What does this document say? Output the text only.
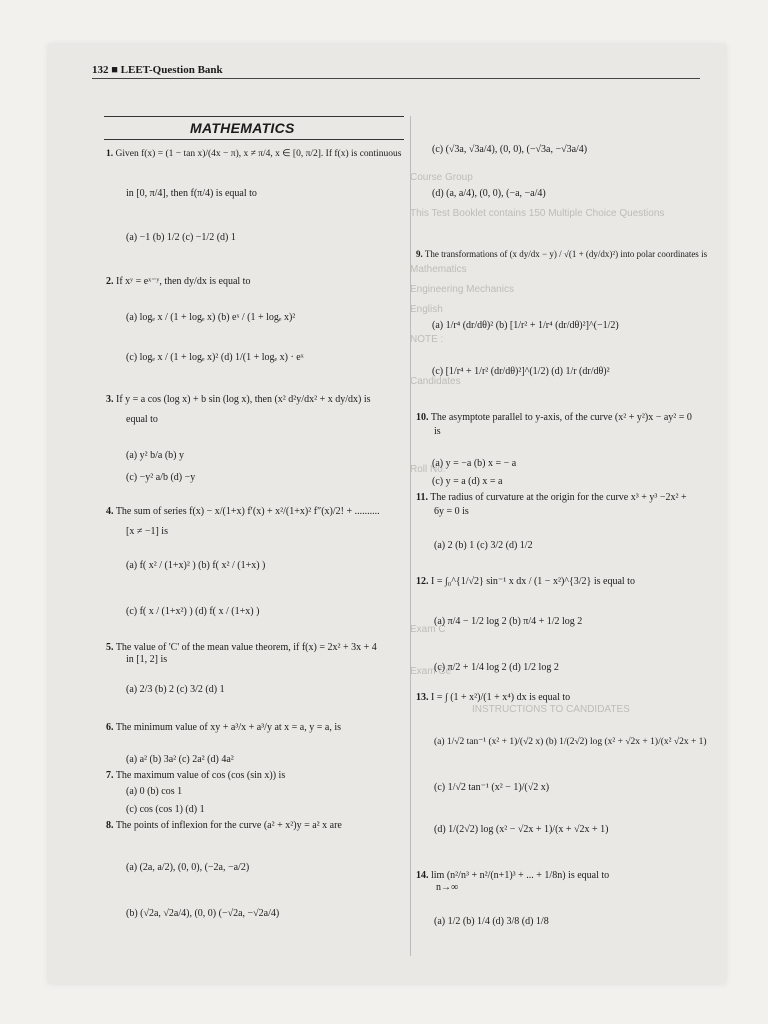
132 ■ LEET-Question Bank
MATHEMATICS
Course Group
This Test Booklet contains 150 Multiple Choice Questions
Mathematics
Engineering Mechanics
English
NOTE :
Candidates
Roll No.
Exam C
Exam Ce
INSTRUCTIONS TO CANDIDATES
1. Given f(x) = (1 − tan x)/(4x − π), x ≠ π/4, x ∈ [0, π/2]. If f(x) is continuous
in [0, π/4], then f(π/4) is equal to
(a) −1 (b) 1/2 (c) −1/2 (d) 1
2. If xʸ = eˣ⁻ʸ, then dy/dx is equal to
(a) logₑ x / (1 + logₑ x) (b) eˣ / (1 + logₑ x)²
(c) logₑ x / (1 + logₑ x)² (d) 1/(1 + logₑ x) · eˣ
3. If y = a cos (log x) + b sin (log x), then (x² d²y/dx² + x dy/dx) is
equal to
(a) y² b/a (b) y
(c) −y² a/b (d) −y
4. The sum of series f(x) − x/(1+x) f′(x) + x²/(1+x)² f″(x)/2! + ..........
[x ≠ −1] is
(a) f( x² / (1+x)² ) (b) f( x² / (1+x) )
(c) f( x / (1+x²) ) (d) f( x / (1+x) )
5. The value of 'C' of the mean value theorem, if f(x) = 2x² + 3x + 4
in [1, 2] is
(a) 2/3 (b) 2 (c) 3/2 (d) 1
6. The minimum value of xy + a³/x + a³/y at x = a, y = a, is
(a) a² (b) 3a² (c) 2a² (d) 4a²
7. The maximum value of cos (cos (sin x)) is
(a) 0 (b) cos 1
(c) cos (cos 1) (d) 1
8. The points of inflexion for the curve (a² + x²)y = a² x are
(a) (2a, a/2), (0, 0), (−2a, −a/2)
(b) (√2a, √2a/4), (0, 0) (−√2a, −√2a/4)
(c) (√3a, √3a/4), (0, 0), (−√3a, −√3a/4)
(d) (a, a/4), (0, 0), (−a, −a/4)
9. The transformations of (x dy/dx − y) / √(1 + (dy/dx)²) into polar coordinates is
(a) 1/r⁴ (dr/dθ)² (b) [1/r² + 1/r⁴ (dr/dθ)²]^(−1/2)
(c) [1/r⁴ + 1/r² (dr/dθ)²]^(1/2) (d) 1/r (dr/dθ)²
10. The asymptote parallel to y-axis, of the curve (x² + y²)x − ay² = 0
is
(a) y = −a (b) x = − a
(c) y = a (d) x = a
11. The radius of curvature at the origin for the curve x³ + y³ −2x² +
6y = 0 is
(a) 2 (b) 1 (c) 3/2 (d) 1/2
12. I = ∫₀^{1/√2} sin⁻¹ x dx / (1 − x²)^{3/2} is equal to
(a) π/4 − 1/2 log 2 (b) π/4 + 1/2 log 2
(c) π/2 + 1/4 log 2 (d) 1/2 log 2
13. I = ∫ (1 + x²)/(1 + x⁴) dx is equal to
(a) 1/√2 tan⁻¹ (x² + 1)/(√2 x) (b) 1/(2√2) log (x² + √2x + 1)/(x² √2x + 1)
(c) 1/√2 tan⁻¹ (x² − 1)/(√2 x)
(d) 1/(2√2) log (x² − √2x + 1)/(x + √2x + 1)
14. lim (n²/n³ + n²/(n+1)³ + ... + 1/8n) is equal to
n→∞
(a) 1/2 (b) 1/4 (d) 3/8 (d) 1/8
